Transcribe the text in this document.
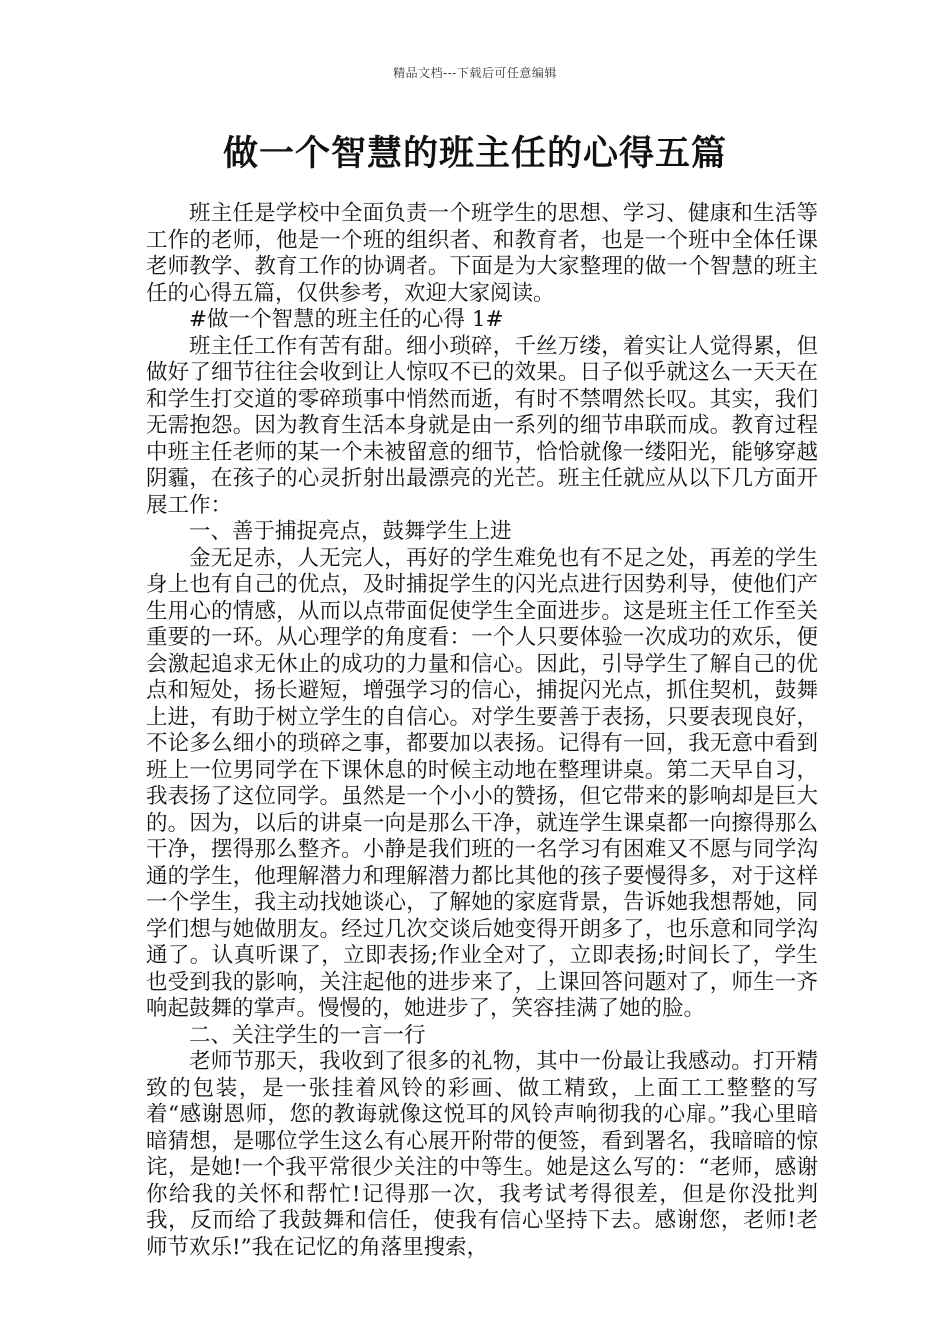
精品文档---下载后可任意编辑
做一个智慧的班主任的心得五篇

班主任是学校中全面负责一个班学生的思想、学习、健康和生活等工作的老师，他是一个班的组织者、和教育者，也是一个班中全体任课老师教学、教育工作的协调者。下面是为大家整理的做一个智慧的班主任的心得五篇，仅供参考，欢迎大家阅读。

#做一个智慧的班主任的心得 1#

班主任工作有苦有甜。细小琐碎，千丝万缕，着实让人觉得累，但做好了细节往往会收到让人惊叹不已的效果。日子似乎就这么一天天在和学生打交道的零碎琐事中悄然而逝，有时不禁喟然长叹。其实，我们无需抱怨。因为教育生活本身就是由一系列的细节串联而成。教育过程中班主任老师的某一个未被留意的细节，恰恰就像一缕阳光，能够穿越阴霾，在孩子的心灵折射出最漂亮的光芒。班主任就应从以下几方面开展工作：

一、善于捕捉亮点，鼓舞学生上进

金无足赤，人无完人，再好的学生难免也有不足之处，再差的学生身上也有自己的优点，及时捕捉学生的闪光点进行因势利导，使他们产生用心的情感，从而以点带面促使学生全面进步。这是班主任工作至关重要的一环。从心理学的角度看：一个人只要体验一次成功的欢乐，便会激起追求无休止的成功的力量和信心。因此，引导学生了解自己的优点和短处，扬长避短，增强学习的信心，捕捉闪光点，抓住契机，鼓舞上进，有助于树立学生的自信心。对学生要善于表扬，只要表现良好，不论多么细小的琐碎之事，都要加以表扬。记得有一回，我无意中看到班上一位男同学在下课休息的时候主动地在整理讲桌。第二天早自习，我表扬了这位同学。虽然是一个小小的赞扬，但它带来的影响却是巨大的。因为，以后的讲桌一向是那么干净，就连学生课桌都一向擦得那么干净，摆得那么整齐。小静是我们班的一名学习有困难又不愿与同学沟通的学生，他理解潜力和理解潜力都比其他的孩子要慢得多，对于这样一个学生，我主动找她谈心，了解她的家庭背景，告诉她我想帮她，同学们想与她做朋友。经过几次交谈后她变得开朗多了，也乐意和同学沟通了。认真听课了，立即表扬;作业全对了，立即表扬;时间长了，学生也受到我的影响，关注起他的进步来了，上课回答问题对了，师生一齐响起鼓舞的掌声。慢慢的，她进步了，笑容挂满了她的脸。

二、关注学生的一言一行

老师节那天，我收到了很多的礼物，其中一份最让我感动。打开精致的包装，是一张挂着风铃的彩画、做工精致，上面工工整整的写着“感谢恩师，您的教诲就像这悦耳的风铃声响彻我的心扉。”我心里暗暗猜想，是哪位学生这么有心展开附带的便签，看到署名，我暗暗的惊诧，是她!一个我平常很少关注的中等生。她是这么写的：“老师，感谢你给我的关怀和帮忙!记得那一次，我考试考得很差，但是你没批判我，反而给了我鼓舞和信任，使我有信心坚持下去。感谢您，老师!老师节欢乐!”我在记忆的角落里搜索，
